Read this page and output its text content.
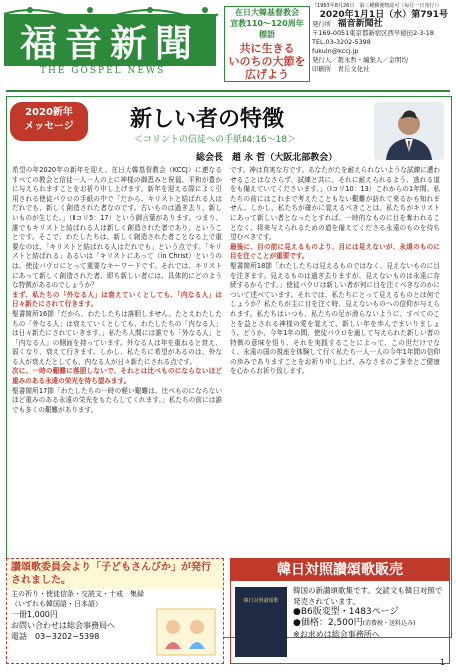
福音新聞
THE GOSPEL NEWS
在日大韓基督教会
宣教110〜120周年
標語
共に生きる
いのちの大節を
広げよう
（1963年8月26日　第三種郵便物認可（毎月一日発行））
2020年1月1日（水）第791号
発行所　 福音新聞社
〒169-0051東京都新宿区西早稲田2-3-18
TEL.03-3202-5398
fukuin@kccj.jp
発行人／趙永哲・編集人／金明均
印刷所　青丘文化社
2020新年
メッセージ	新しい者の特徴
＜コリントの信徒への手紙Ⅱ4:16〜18＞
総会長　趙 永 哲（大阪北部教会）

希望の年2020年の新年を迎え、在日大韓基督教会（KCCJ）に連なるすべての教会と信徒一人一人の上に神様の御恵みと祝福、平和が豊かに与えられますことをお祈り申し上げます。新年を迎える際によく引用される使徒パウロの手紙の中で「だから、キリストと結ばれる人はだれでも、新しく創造された者なのです。古いものは過ぎ去り、新しいものが生じた。」（Ⅱコリ5：17）という御言葉があります。つまり、誰でもキリストと結ばれる人は新しく創造された者であり、というこ とです。そこで、わたしたちは、新しく創造された者ことなる上で重要なのは、「キリストと結ばれる人はだれでも」という点です。「キリストと結ばれる」あるいは「キリストにあって（in Christ）というのは、使徒パウロにとって重要なキーワードです。それでは、キリストにあって新しく創造された者、即ち新しい者には、具体的にどのような特徴があるのでしょうか？

まず、私たちの「外なる人」は衰えていくとしても、「内なる人」は日々新たにされて行きます。

聖書箇所16節「だから、わたしたちは落胆しません。たとえわたしたちの「外なる人」は衰えていくとしても、わたしたちの「内なる人」は日々新たにされていきます。」私たち人間には誰でも「外なる人」と「内なる人」の側面を持っています。外なる人は年を重ねると衰え、弱くなり、衰えて行きます。しかし、私たちに希望があるのは、外なる人が衰えたとしても、内なる人が日々新たにされる点です。

次に、一時の艱難に落胆しないで、それとは比べものにならないほど重みのある永遠の栄光を待ち望みます。

聖書箇所17節「わたしたちの一時の軽い艱難は、比べものにならないほど重みのある永遠の栄光をもたらしてくれます。」私たちの前には誰でも多くの艱難があります。

です。神は真実な方です。あなたがたを耐えられないような試練に遭わせることはなさらず、試練と共に、それに耐えられるよう、逃れる道をも備えていてくださいます。」（Ⅰコリ10：13）これからの1年間、私たちの前にはこれまで考えたこともない艱難が訪れて来るかも知れません。しかし、私たちが確かに覚えるべきことは、私たちがキリストにあって新しい者となったとすれば、一時的なものに目を奪われることなく、将来与えられるための道を備えてくださる永遠のものを待ち望むべきです。

最後に、目の前に見えるものより、目には見えないが、永遠のものに目を注ぐことが重要です。

聖書箇所18節「わたしたちは見えるものではなく、見えないものに目を注ぎます。見えるものは過ぎ去りますが、見えないものは永遠に存続するからです。」使徒パウロは新しい者が何に目を注ぐべきなのかについて述べています。それでは、私たちにとって見えるものとは何でしょうか？私たちが主に目を注ぐ時、見えないものへの信仰が与えられます。私たちはいつも、私たちの足が滑らないように、すべてのことを益とされる神様の愛を覚えて、新しい年を歩んでまいりましょう。どうか、今年1年の間、使徒パウロを通して与えられた新しい者の特徴の意味を悟り、それを実践することによって、この世だけでなく、永遠の国の視座を体験して行く私たち一人一人の今年1年間の信仰の歩みでありますことをお祈り申し上げ、みなさまのご多幸とご健康を心からお祈り致します。

讃頌歌委員会より「子どもさんびか」が発行されました。
主の祈り・使徒信条・交読文・十戒　集録
（いずれも韓国語・日本語）
一冊1,000円
お問い合わせは総会事務局へ
電話　03−3202−5398
韓日対照讃頌歌販売
韓日対照讃頌歌
韓国の新讃頌歌集です。交読文も韓日対照で発売されています。
●B6版変型・1483ページ
●価格：2,500円(消費税・送料込み)
※お求めは総会事務所へ
1
